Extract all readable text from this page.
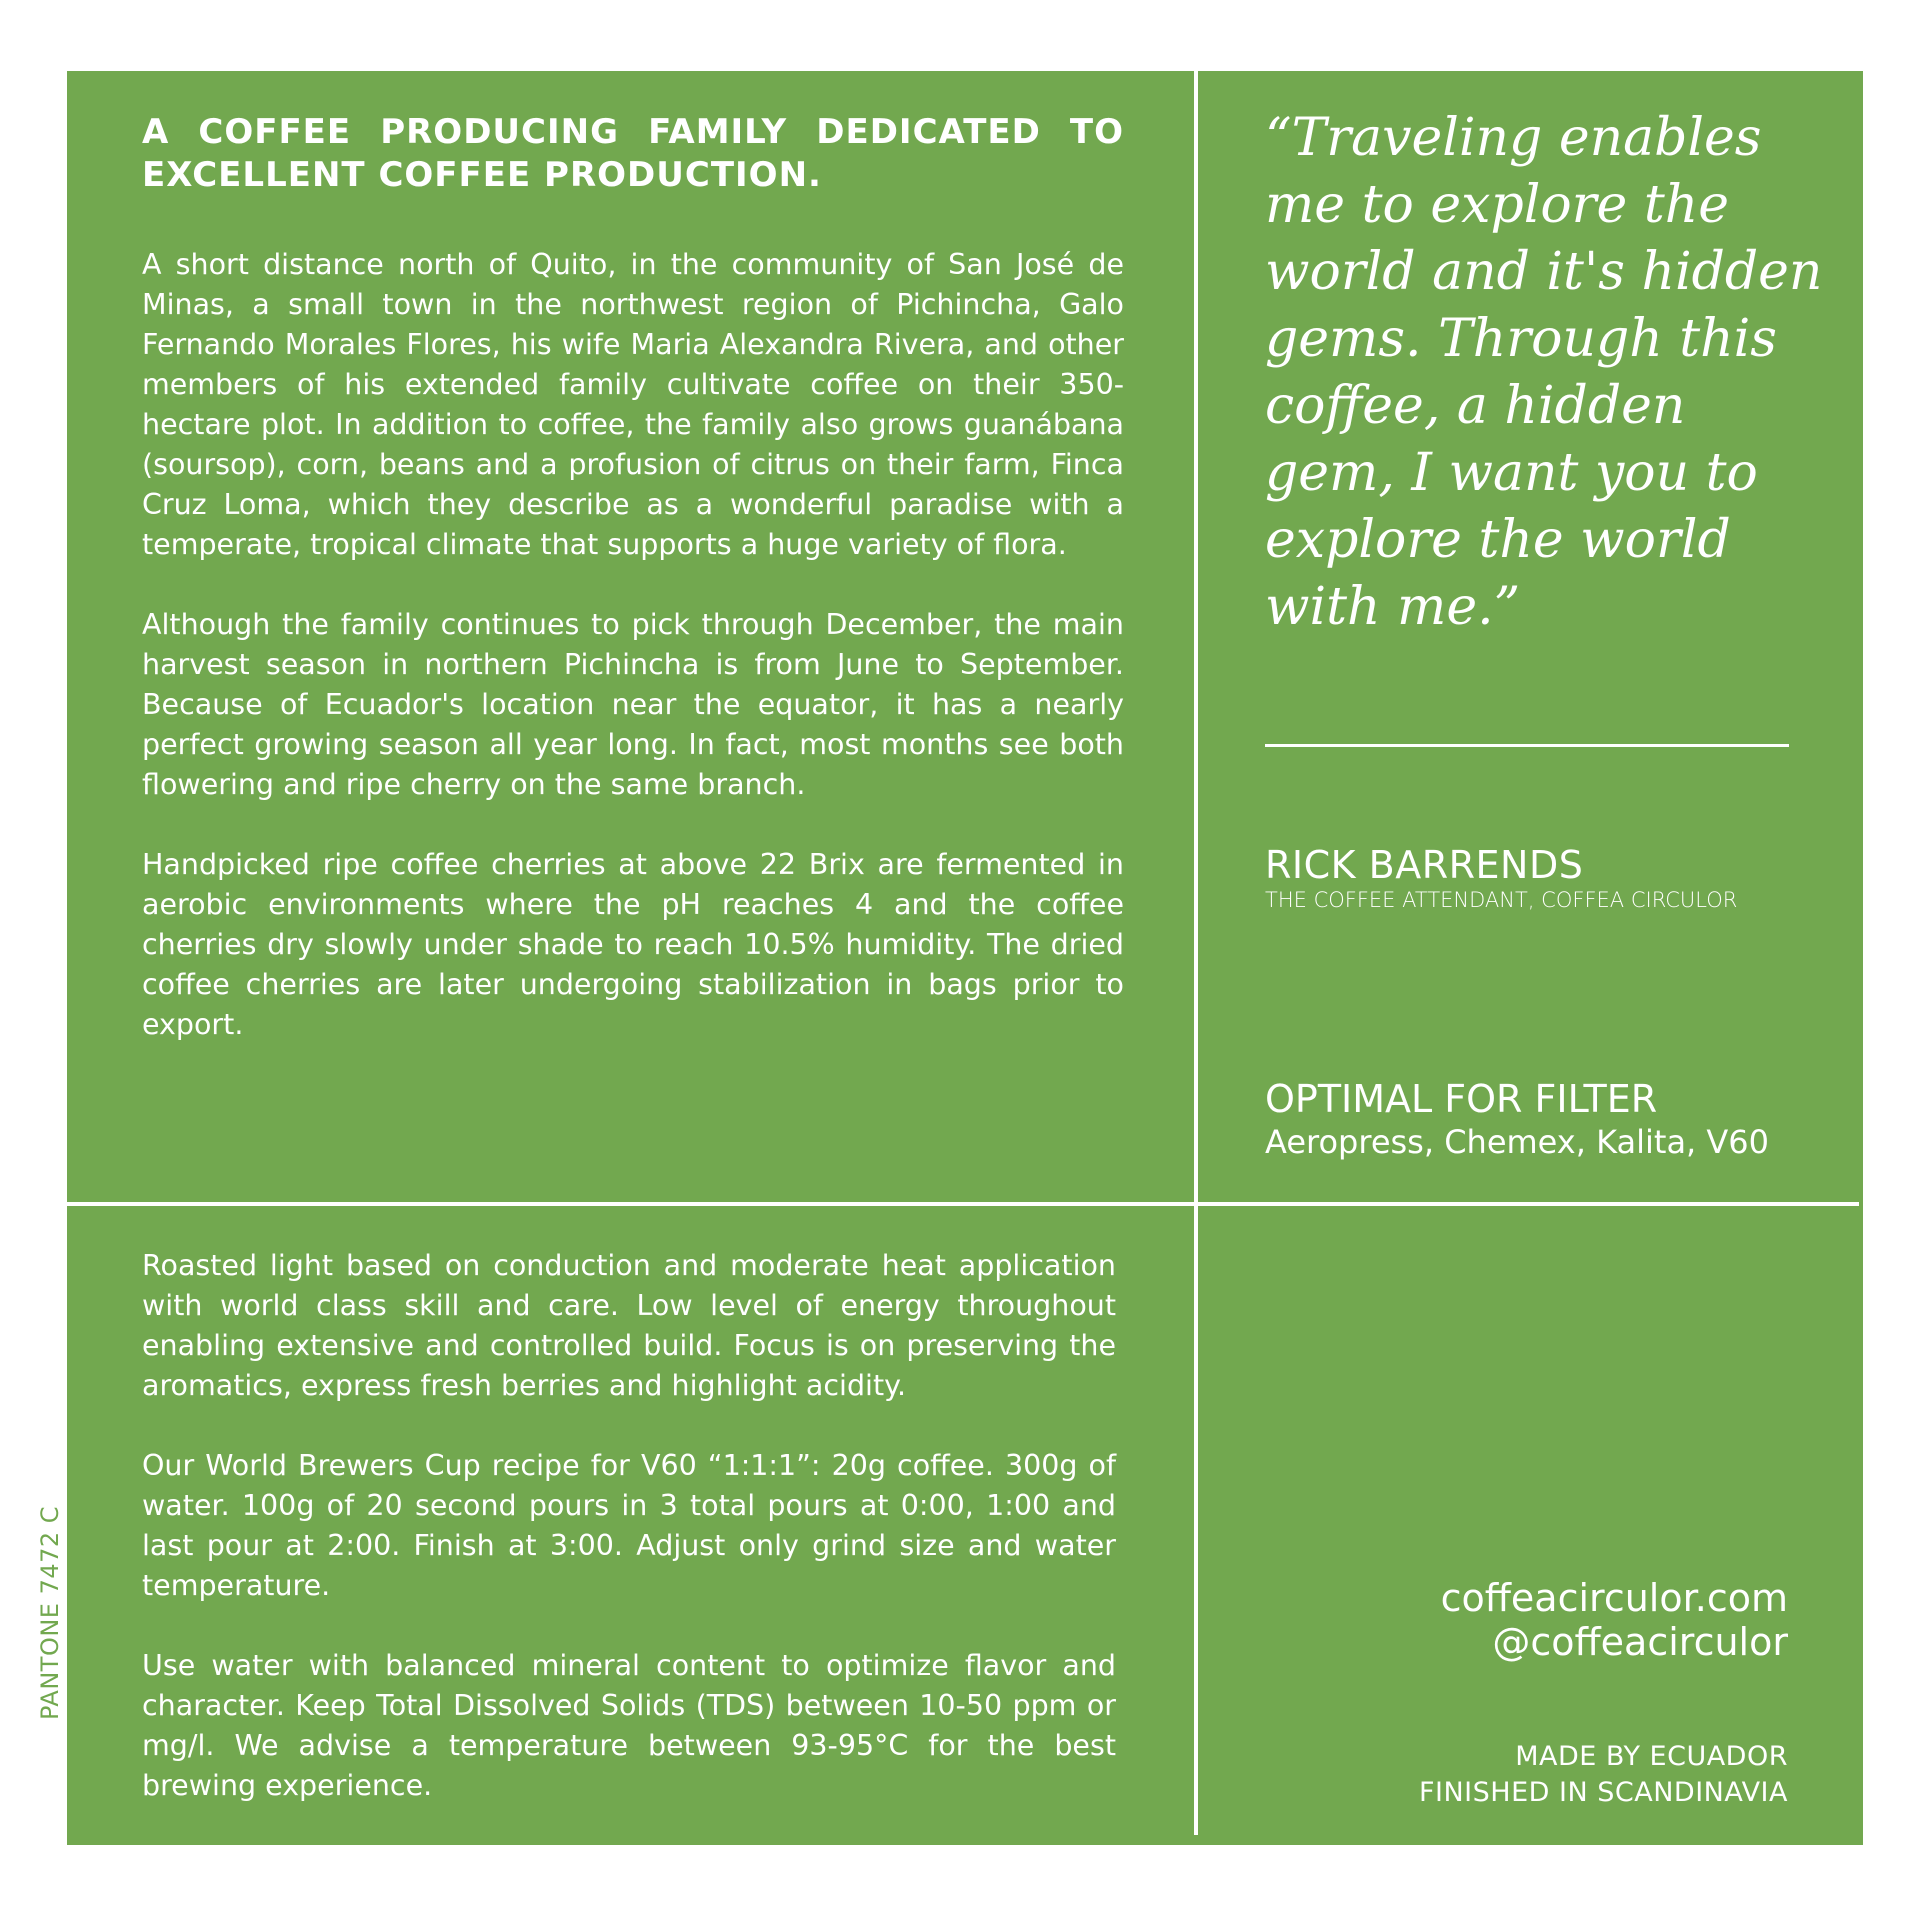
A COFFEE PRODUCING FAMILY DEDICATED TO EXCELLENT COFFEE PRODUCTION.

A short distance north of Quito, in the community of San José de Minas, a small town in the northwest region of Pichincha, Galo Fernando Morales Flores, his wife Maria Alexandra Rivera, and other members of his extended family cultivate coffee on their 350-hectare plot. In addition to coffee, the family also grows guanábana (soursop), corn, beans and a profusion of citrus on their farm, Finca Cruz Loma, which they describe as a wonderful paradise with a temperate, tropical climate that supports a huge variety of flora.

Although the family continues to pick through December, the main harvest season in northern Pichincha is from June to September. Because of Ecuador's location near the equator, it has a nearly perfect growing season all year long. In fact, most months see both flowering and ripe cherry on the same branch.

Handpicked ripe coffee cherries at above 22 Brix are fermented in aerobic environments where the pH reaches 4 and the coffee cherries dry slowly under shade to reach 10.5% humidity. The dried coffee cherries are later undergoing stabilization in bags prior to export.

Roasted light based on conduction and moderate heat application with world class skill and care. Low level of energy throughout enabling extensive and controlled build. Focus is on preserving the aromatics, express fresh berries and highlight acidity.

Our World Brewers Cup recipe for V60 “1:1:1”: 20g coffee. 300g of water. 100g of 20 second pours in 3 total pours at 0:00, 1:00 and last pour at 2:00. Finish at 3:00. Adjust only grind size and water temperature.

Use water with balanced mineral content to optimize flavor and character. Keep Total Dissolved Solids (TDS) between 10-50 ppm or mg/l. We advise a temperature between 93-95°C for the best brewing experience.

“Traveling enables me to explore the world and it's hidden gems. Through this coffee, a hidden gem, I want you to explore the world with me.”

RICK BARRENDS
THE COFFEE ATTENDANT, COFFEA CIRCULOR
OPTIMAL FOR FILTER
Aeropress, Chemex, Kalita, V60
coffeacirculor.com
@coffeacirculor
MADE BY ECUADOR
FINISHED IN SCANDINAVIA
PANTONE 7472 C
